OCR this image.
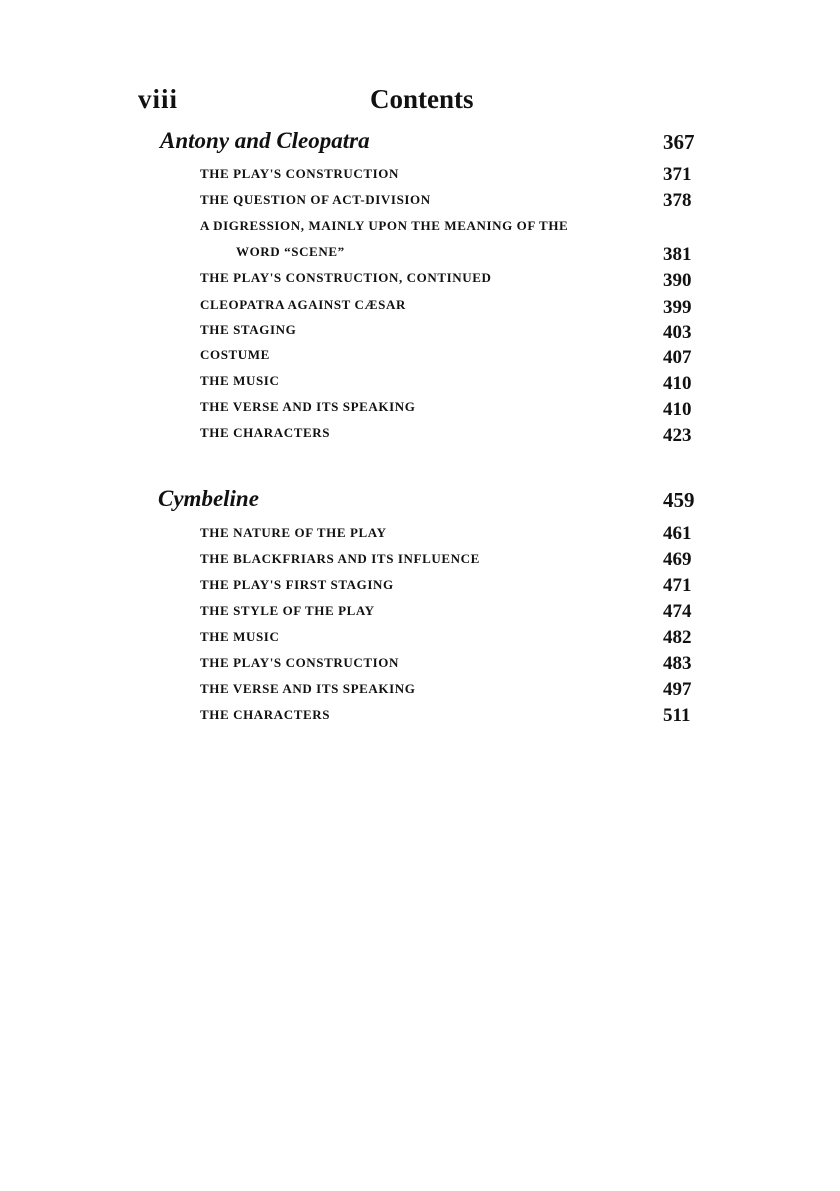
viii	Contents
Antony and Cleopatra	367
THE PLAY'S CONSTRUCTION	371
THE QUESTION OF ACT-DIVISION	378
A DIGRESSION, MAINLY UPON THE MEANING OF THE
WORD “SCENE”	381
THE PLAY'S CONSTRUCTION, CONTINUED	390
CLEOPATRA AGAINST CÆSAR	399
THE STAGING	403
COSTUME	407
THE MUSIC	410
THE VERSE AND ITS SPEAKING	410
THE CHARACTERS	423
Cymbeline	459
THE NATURE OF THE PLAY	461
THE BLACKFRIARS AND ITS INFLUENCE	469
THE PLAY'S FIRST STAGING	471
THE STYLE OF THE PLAY	474
THE MUSIC	482
THE PLAY'S CONSTRUCTION	483
THE VERSE AND ITS SPEAKING	497
THE CHARACTERS	511
